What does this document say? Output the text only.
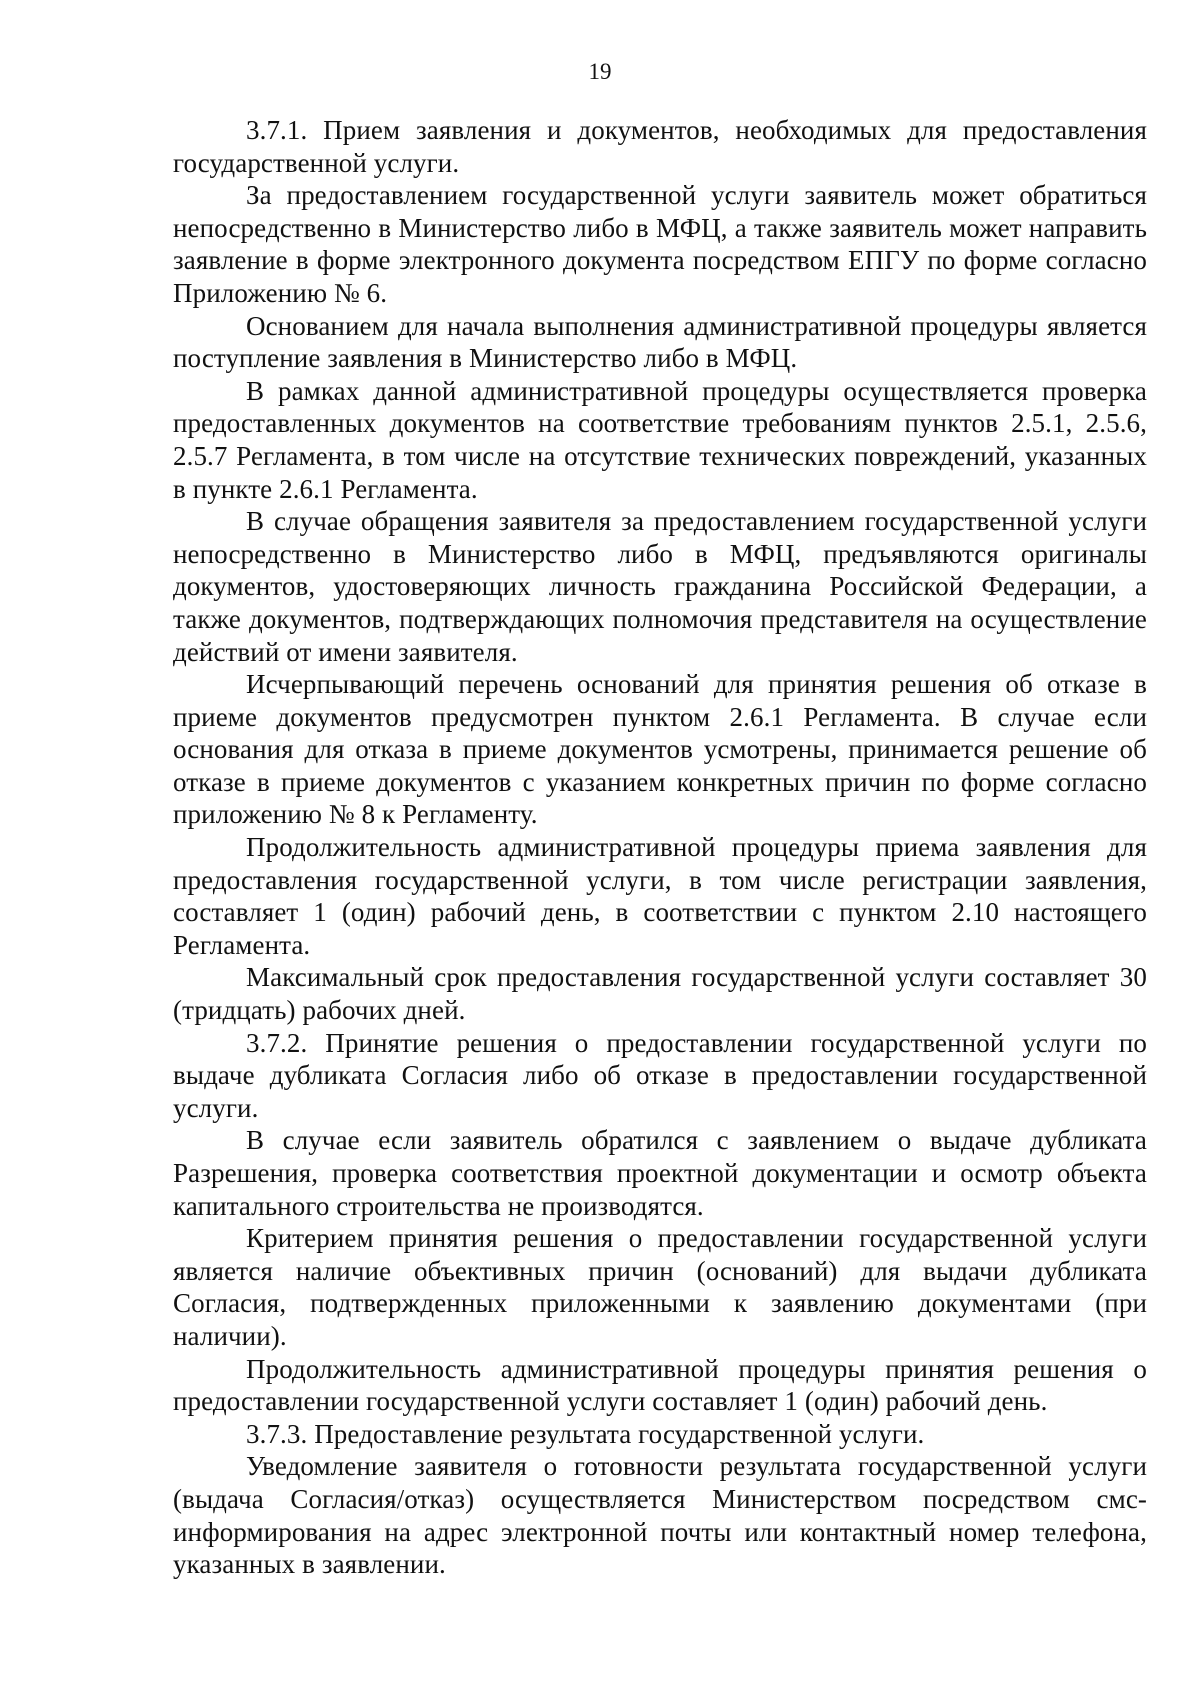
19

3.7.1. Прием заявления и документов, необходимых для предоставления государственной услуги.

За предоставлением государственной услуги заявитель может обратиться непосредственно в Министерство либо в МФЦ, а также заявитель может направить заявление в форме электронного документа посредством ЕПГУ по форме согласно Приложению № 6.

Основанием для начала выполнения административной процедуры является поступление заявления в Министерство либо в МФЦ.

В рамках данной административной процедуры осуществляется проверка предоставленных документов на соответствие требованиям пунктов 2.5.1, 2.5.6, 2.5.7 Регламента, в том числе на отсутствие технических повреждений, указанных в пункте 2.6.1 Регламента.

В случае обращения заявителя за предоставлением государственной услуги непосредственно в Министерство либо в МФЦ, предъявляются оригиналы документов, удостоверяющих личность гражданина Российской Федерации, а также документов, подтверждающих полномочия представителя на осуществление действий от имени заявителя.

Исчерпывающий перечень оснований для принятия решения об отказе в приеме документов предусмотрен пунктом 2.6.1 Регламента. В случае если основания для отказа в приеме документов усмотрены, принимается решение об отказе в приеме документов с указанием конкретных причин по форме согласно приложению № 8 к Регламенту.

Продолжительность административной процедуры приема заявления для предоставления государственной услуги, в том числе регистрации заявления, составляет 1 (один) рабочий день, в соответствии с пунктом 2.10 настоящего Регламента.

Максимальный срок предоставления государственной услуги составляет 30 (тридцать) рабочих дней.

3.7.2. Принятие решения о предоставлении государственной услуги по выдаче дубликата Согласия либо об отказе в предоставлении государственной услуги.

В случае если заявитель обратился с заявлением о выдаче дубликата Разрешения, проверка соответствия проектной документации и осмотр объекта капитального строительства не производятся.

Критерием принятия решения о предоставлении государственной услуги является наличие объективных причин (оснований) для выдачи дубликата Согласия, подтвержденных приложенными к заявлению документами (при наличии).

Продолжительность административной процедуры принятия решения о предоставлении государственной услуги составляет 1 (один) рабочий день.

3.7.3. Предоставление результата государственной услуги.

Уведомление заявителя о готовности результата государственной услуги (выдача Согласия/отказ) осуществляется Министерством посредством смс-информирования на адрес электронной почты или контактный номер телефона, указанных в заявлении.
